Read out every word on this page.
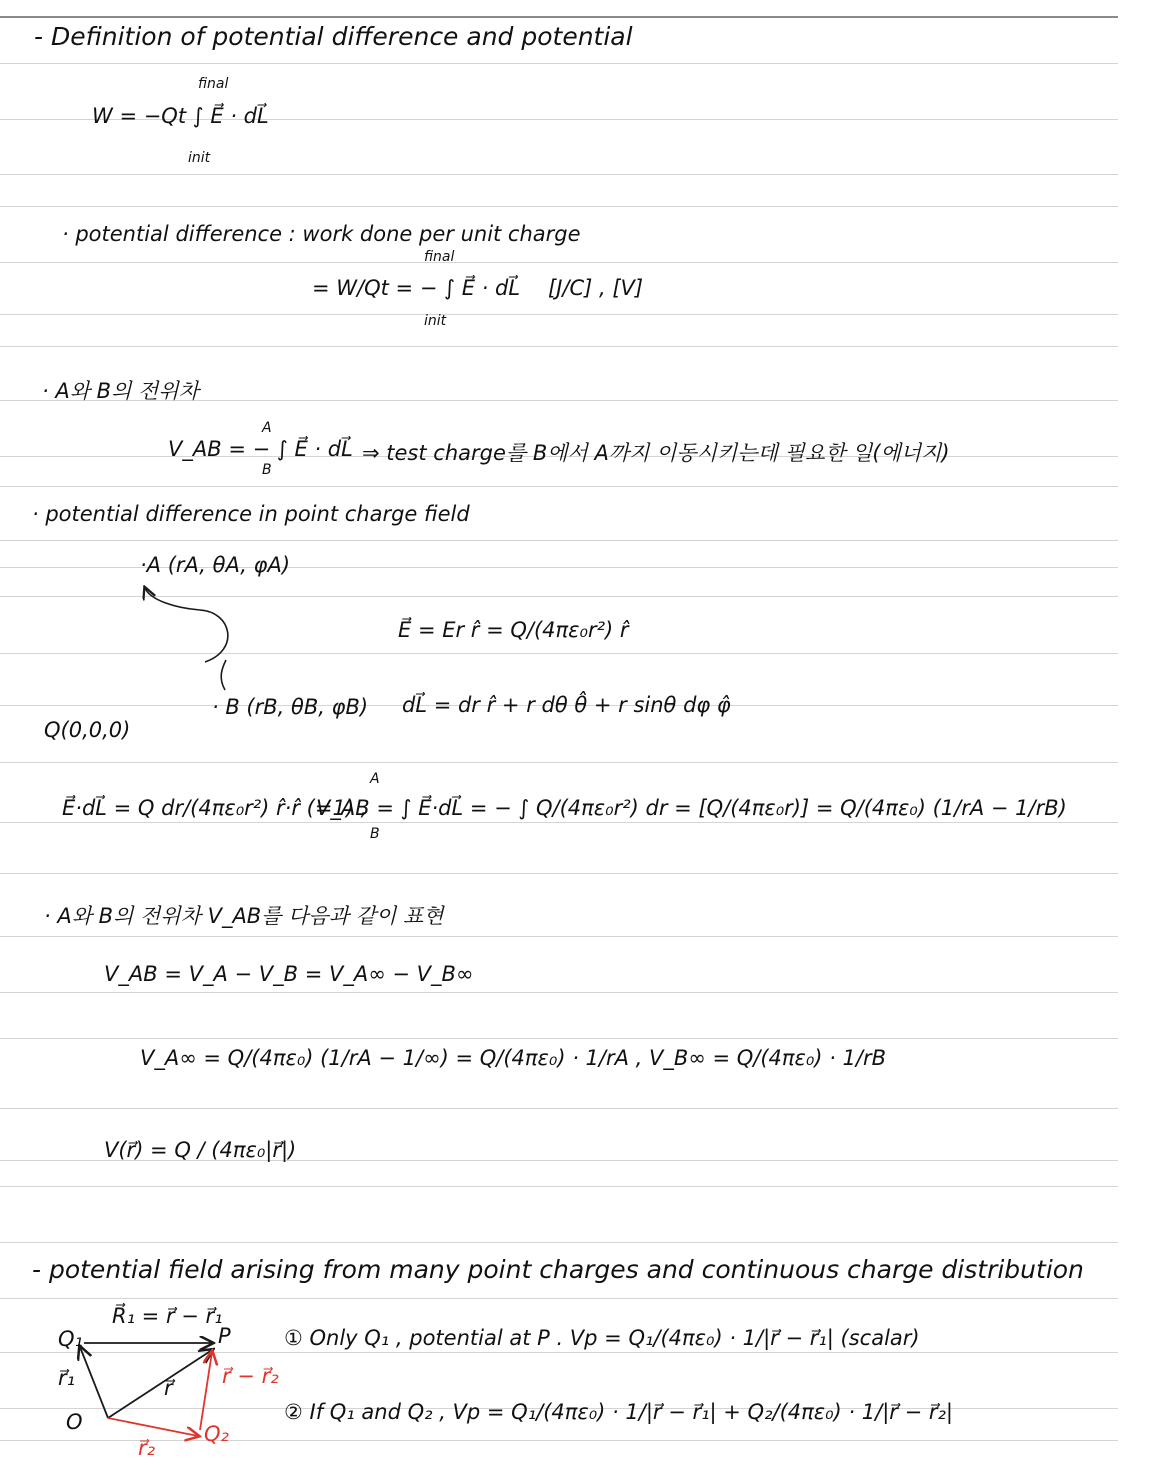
- Definition of potential difference and potential
final
W = −Qt ∫ E⃗ · dL⃗
init
· potential difference : work done per unit charge
final
= W/Qt = − ∫ E⃗ · dL⃗ [J/C] , [V]
init
· A와 B의 전위차
A
V_AB = − ∫ E⃗ · dL⃗ ⇒ test charge를 B에서 A까지 이동시키는데 필요한 일(에너지)
B
· potential difference in point charge field
·A (rA, θA, φA)
E⃗ = Er r̂ = Q/(4πε₀r²) r̂
· B (rB, θB, φB) dL⃗ = dr r̂ + r dθ θ̂ + r sinθ dφ φ̂
Q(0,0,0)
E⃗·dL⃗ = Q dr/(4πε₀r²) r̂·r̂ (=1) ,
A
V_AB = ∫ E⃗·dL⃗ = − ∫ Q/(4πε₀r²) dr = [Q/(4πε₀r)] = Q/(4πε₀) (1/rA − 1/rB)
B
· A와 B의 전위차 V_AB를 다음과 같이 표현
V_AB = V_A − V_B = V_A∞ − V_B∞
V_A∞ = Q/(4πε₀) (1/rA − 1/∞) = Q/(4πε₀) · 1/rA , V_B∞ = Q/(4πε₀) · 1/rB
V(r⃗) = Q / (4πε₀|r⃗|)
- potential field arising from many point charges and continuous charge distribution
R⃗₁ = r⃗ − r⃗₁
Q₁	P
r⃗₁	r⃗ r⃗ − r⃗₂
O
r⃗₂
Q₂
① Only Q₁ , potential at P . Vp = Q₁/(4πε₀) · 1/|r⃗ − r⃗₁| (scalar)
② If Q₁ and Q₂ , Vp = Q₁/(4πε₀) · 1/|r⃗ − r⃗₁| + Q₂/(4πε₀) · 1/|r⃗ − r⃗₂|
